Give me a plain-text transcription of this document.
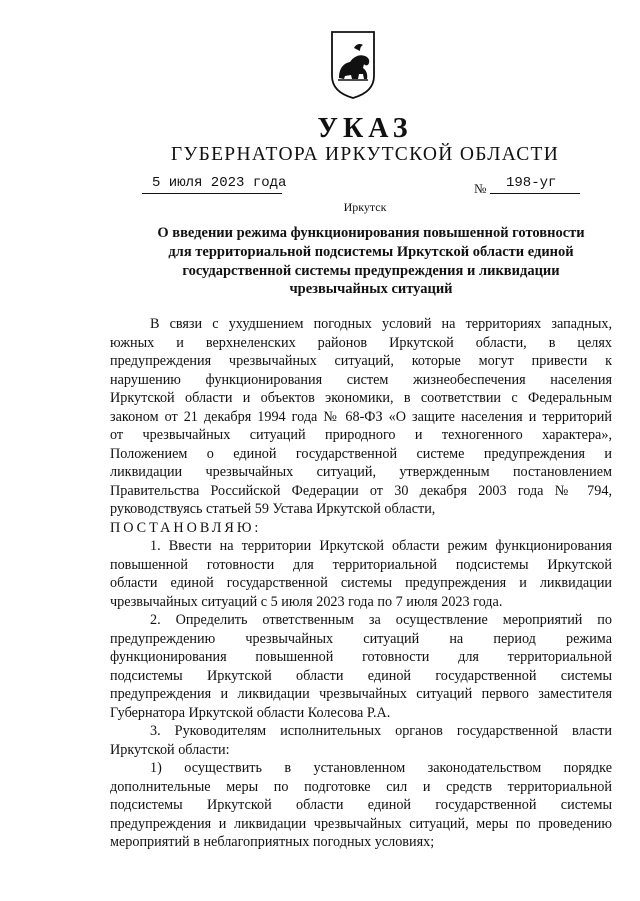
УКАЗ
ГУБЕРНАТОРА ИРКУТСКОЙ ОБЛАСТИ
5 июля 2023 года	№ 198-уг
Иркутск
О введении режима функционирования повышенной готовности
для территориальной подсистемы Иркутской области единой
государственной системы предупреждения и ликвидации
чрезвычайных ситуаций

В связи с ухудшением погодных условий на территориях западных,

южных и верхнеленских районов Иркутской области, в целях

предупреждения чрезвычайных ситуаций, которые могут привести к

нарушению функционирования систем жизнеобеспечения населения

Иркутской области и объектов экономики, в соответствии с Федеральным

законом от 21 декабря 1994 года № 68-ФЗ «О защите населения и территорий

от чрезвычайных ситуаций природного и техногенного характера»,

Положением о единой государственной системе предупреждения и

ликвидации чрезвычайных ситуаций, утвержденным постановлением

Правительства Российской Федерации от 30 декабря 2003 года № 794,

руководствуясь статьей 59 Устава Иркутской области,

ПОСТАНОВЛЯЮ:

1. Ввести на территории Иркутской области режим функционирования

повышенной готовности для территориальной подсистемы Иркутской

области единой государственной системы предупреждения и ликвидации

чрезвычайных ситуаций с 5 июля 2023 года по 7 июля 2023 года.

2. Определить ответственным за осуществление мероприятий по

предупреждению чрезвычайных ситуаций на период режима

функционирования повышенной готовности для территориальной

подсистемы Иркутской области единой государственной системы

предупреждения и ликвидации чрезвычайных ситуаций первого заместителя

Губернатора Иркутской области Колесова Р.А.

3. Руководителям исполнительных органов государственной власти

Иркутской области:

1) осуществить в установленном законодательством порядке

дополнительные меры по подготовке сил и средств территориальной

подсистемы Иркутской области единой государственной системы

предупреждения и ликвидации чрезвычайных ситуаций, меры по проведению

мероприятий в неблагоприятных погодных условиях;
